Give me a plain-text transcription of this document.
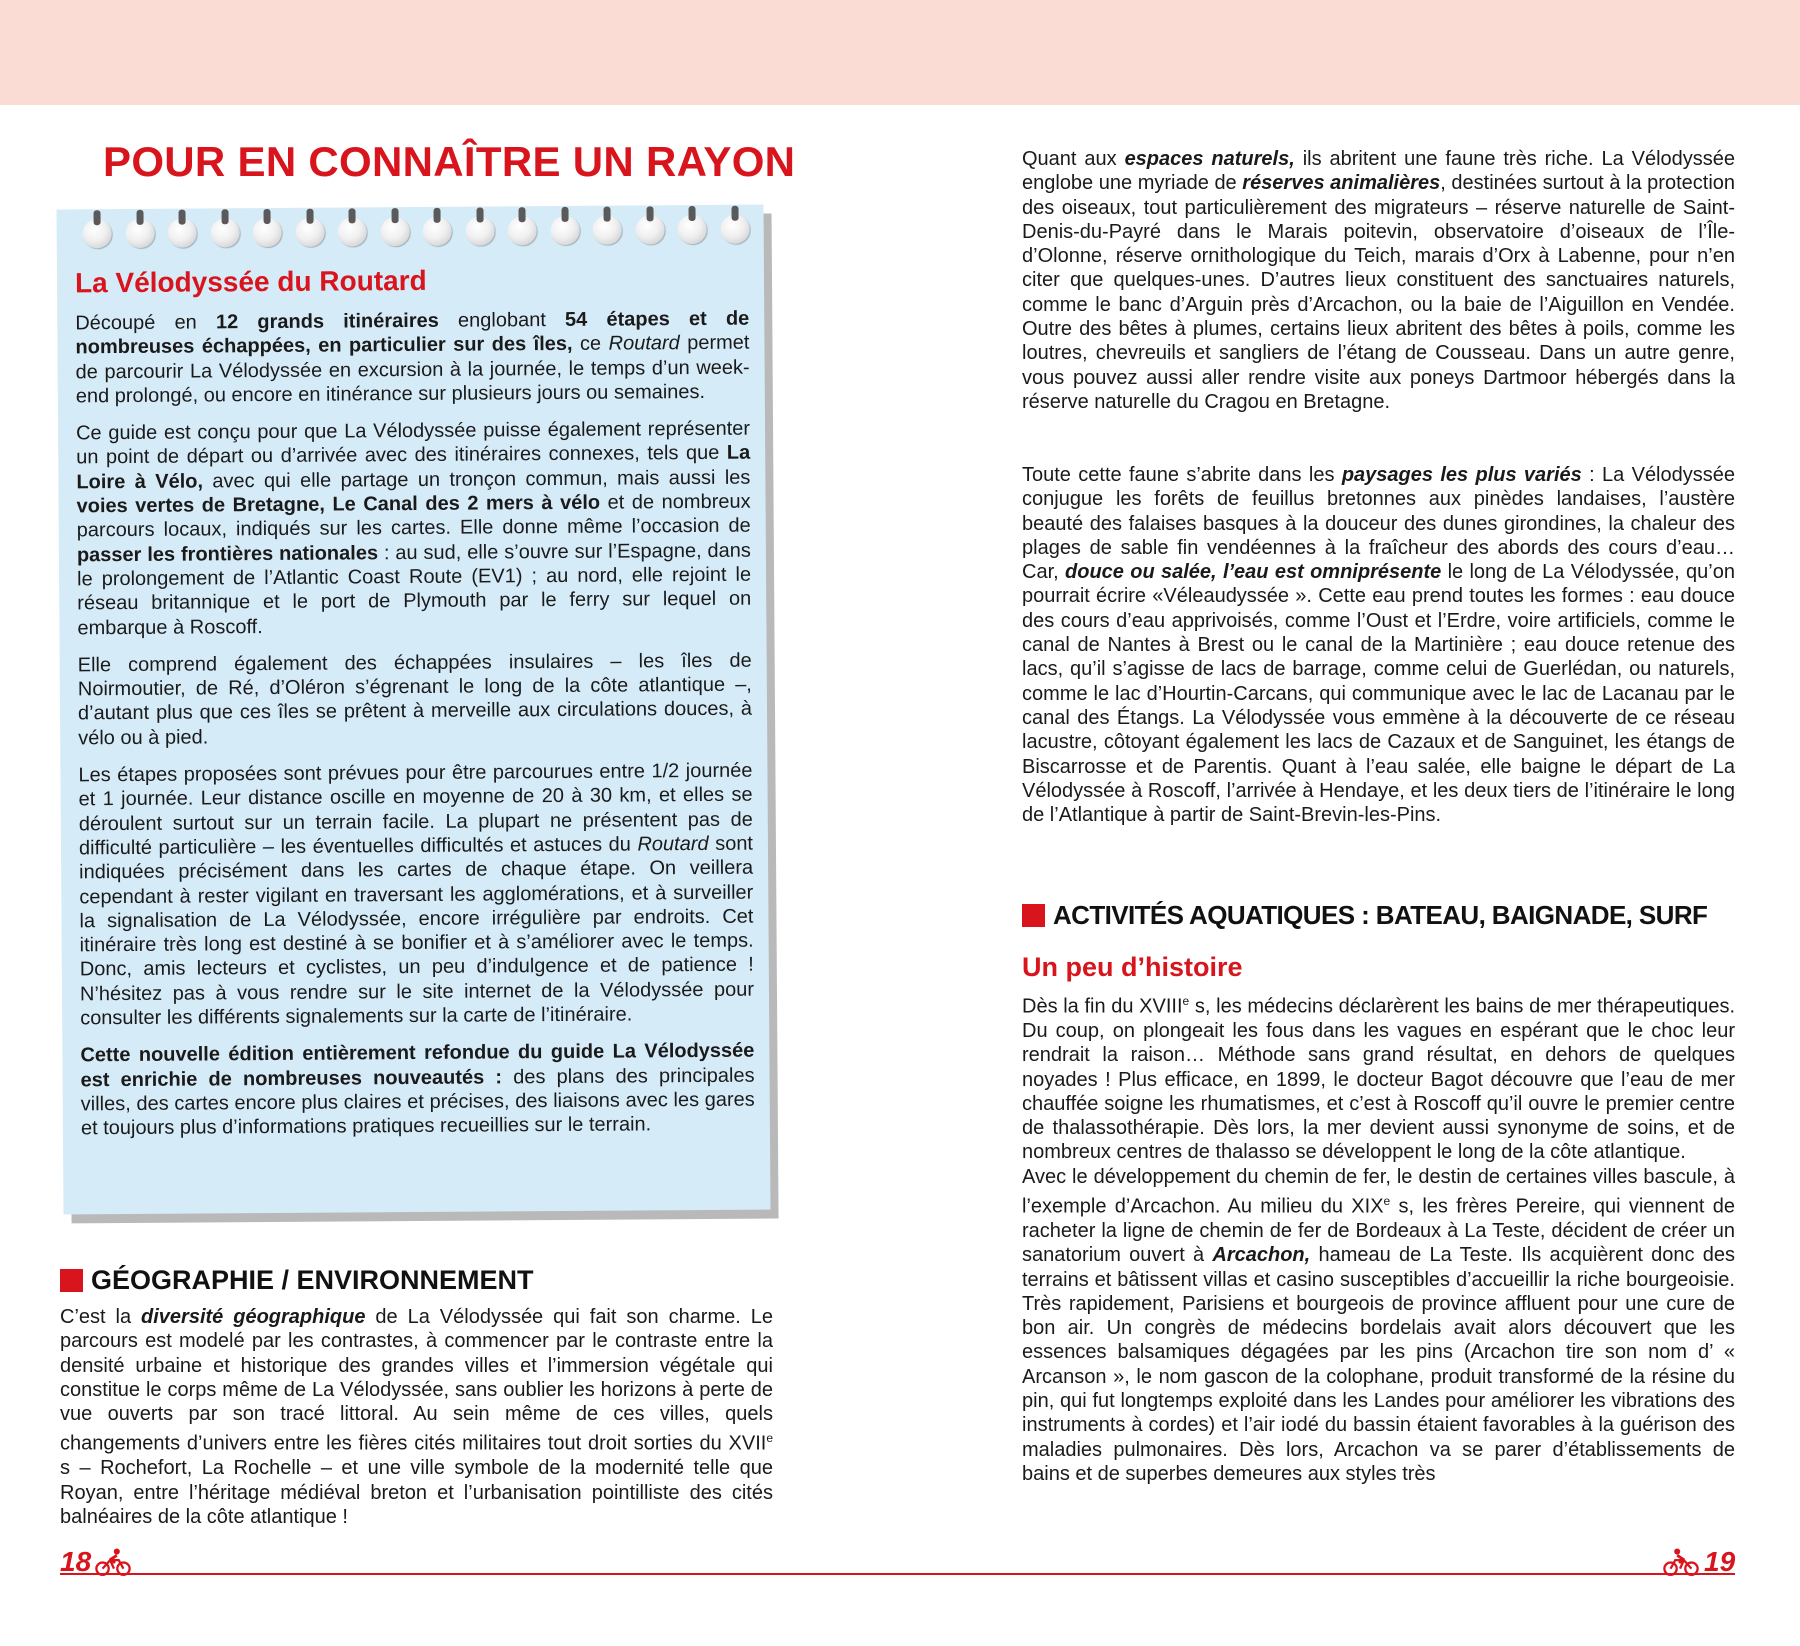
POUR EN CONNAÎTRE UN RAYON
La Vélodyssée du Routard

Découpé en 12 grands itinéraires englobant 54 étapes et de nombreuses échappées, en particulier sur des îles, ce Routard permet de parcourir La Vélodyssée en excursion à la journée, le temps d’un week-end prolongé, ou encore en itinérance sur plusieurs jours ou semaines.

Ce guide est conçu pour que La Vélodyssée puisse également représenter un point de départ ou d’arrivée avec des itinéraires connexes, tels que La Loire à Vélo, avec qui elle partage un tronçon commun, mais aussi les voies vertes de Bretagne, Le Canal des 2 mers à vélo et de nombreux parcours locaux, indiqués sur les cartes. Elle donne même l’occasion de passer les frontières nationales : au sud, elle s’ouvre sur l’Espagne, dans le prolongement de l’Atlantic Coast Route (EV1) ; au nord, elle rejoint le réseau britannique et le port de Plymouth par le ferry sur lequel on embarque à Roscoff.

Elle comprend également des échappées insulaires – les îles de Noirmoutier, de Ré, d’Oléron s’égrenant le long de la côte atlantique –, d’autant plus que ces îles se prêtent à merveille aux circulations douces, à vélo ou à pied.

Les étapes proposées sont prévues pour être parcourues entre 1/2 journée et 1 journée. Leur distance oscille en moyenne de 20 à 30 km, et elles se déroulent surtout sur un terrain facile. La plupart ne présentent pas de difficulté particulière – les éventuelles difficultés et astuces du Routard sont indiquées précisément dans les cartes de chaque étape. On veillera cependant à rester vigilant en traversant les agglomérations, et à surveiller la signalisation de La Vélodyssée, encore irrégulière par endroits. Cet itinéraire très long est destiné à se bonifier et à s’améliorer avec le temps. Donc, amis lecteurs et cyclistes, un peu d’indulgence et de patience ! N’hésitez pas à vous rendre sur le site internet de la Vélodyssée pour consulter les différents signalements sur la carte de l’itinéraire.

Cette nouvelle édition entièrement refondue du guide La Vélodyssée est enrichie de nombreuses nouveautés : des plans des principales villes, des cartes encore plus claires et précises, des liaisons avec les gares et toujours plus d’informations pratiques recueillies sur le terrain.

GÉOGRAPHIE / ENVIRONNEMENT

C’est la diversité géographique de La Vélodyssée qui fait son charme. Le parcours est modelé par les contrastes, à commencer par le contraste entre la densité urbaine et historique des grandes villes et l’immersion végétale qui constitue le corps même de La Vélodyssée, sans oublier les horizons à perte de vue ouverts par son tracé littoral. Au sein même de ces villes, quels changements d’univers entre les fières cités militaires tout droit sorties du XVIIe s – Rochefort, La Rochelle – et une ville symbole de la modernité telle que Royan, entre l’héritage médiéval breton et l’urbanisation pointilliste des cités balnéaires de la côte atlantique !

Quant aux espaces naturels, ils abritent une faune très riche. La Vélodyssée englobe une myriade de réserves animalières, destinées surtout à la protection des oiseaux, tout particulièrement des migrateurs – réserve naturelle de Saint-Denis-du-Payré dans le Marais poitevin, observatoire d’oiseaux de l’Île-d’Olonne, réserve ornithologique du Teich, marais d’Orx à Labenne, pour n’en citer que quelques-unes. D’autres lieux constituent des sanctuaires naturels, comme le banc d’Arguin près d’Arcachon, ou la baie de l’Aiguillon en Vendée. Outre des bêtes à plumes, certains lieux abritent des bêtes à poils, comme les loutres, chevreuils et sangliers de l’étang de Cousseau. Dans un autre genre, vous pouvez aussi aller rendre visite aux poneys Dartmoor hébergés dans la réserve naturelle du Cragou en Bretagne.

Toute cette faune s’abrite dans les paysages les plus variés : La Vélodyssée conjugue les forêts de feuillus bretonnes aux pinèdes landaises, l’austère beauté des falaises basques à la douceur des dunes girondines, la chaleur des plages de sable fin vendéennes à la fraîcheur des abords des cours d’eau… Car, douce ou salée, l’eau est omniprésente le long de La Vélodyssée, qu’on pourrait écrire «Véleaudyssée ». Cette eau prend toutes les formes : eau douce des cours d’eau apprivoisés, comme l’Oust et l’Erdre, voire artificiels, comme le canal de Nantes à Brest ou le canal de la Martinière ; eau douce retenue des lacs, qu’il s’agisse de lacs de barrage, comme celui de Guerlédan, ou naturels, comme le lac d’Hourtin-Carcans, qui communique avec le lac de Lacanau par le canal des Étangs. La Vélodyssée vous emmène à la découverte de ce réseau lacustre, côtoyant également les lacs de Cazaux et de Sanguinet, les étangs de Biscarrosse et de Parentis. Quant à l’eau salée, elle baigne le départ de La Vélodyssée à Roscoff, l’arrivée à Hendaye, et les deux tiers de l’itinéraire le long de l’Atlantique à partir de Saint-Brevin-les-Pins.

ACTIVITÉS AQUATIQUES : BATEAU, BAIGNADE, SURF
Un peu d’histoire

Dès la fin du XVIIIe s, les médecins déclarèrent les bains de mer thérapeutiques. Du coup, on plongeait les fous dans les vagues en espérant que le choc leur rendrait la raison… Méthode sans grand résultat, en dehors de quelques noyades ! Plus efficace, en 1899, le docteur Bagot découvre que l’eau de mer chauffée soigne les rhumatismes, et c’est à Roscoff qu’il ouvre le premier centre de thalassothérapie. Dès lors, la mer devient aussi synonyme de soins, et de nombreux centres de thalasso se développent le long de la côte atlantique.

Avec le développement du chemin de fer, le destin de certaines villes bascule, à l’exemple d’Arcachon. Au milieu du XIXe s, les frères Pereire, qui viennent de racheter la ligne de chemin de fer de Bordeaux à La Teste, décident de créer un sanatorium ouvert à Arcachon, hameau de La Teste. Ils acquièrent donc des terrains et bâtissent villas et casino susceptibles d’accueillir la riche bourgeoisie. Très rapidement, Parisiens et bourgeois de province affluent pour une cure de bon air. Un congrès de médecins bordelais avait alors découvert que les essences balsamiques dégagées par les pins (Arcachon tire son nom d’ « Arcanson », le nom gascon de la colophane, produit transformé de la résine du pin, qui fut longtemps exploité dans les Landes pour améliorer les vibrations des instruments à cordes) et l’air iodé du bassin étaient favorables à la guérison des maladies pulmonaires. Dès lors, Arcachon va se parer d’établissements de bains et de superbes demeures aux styles très

18	19
